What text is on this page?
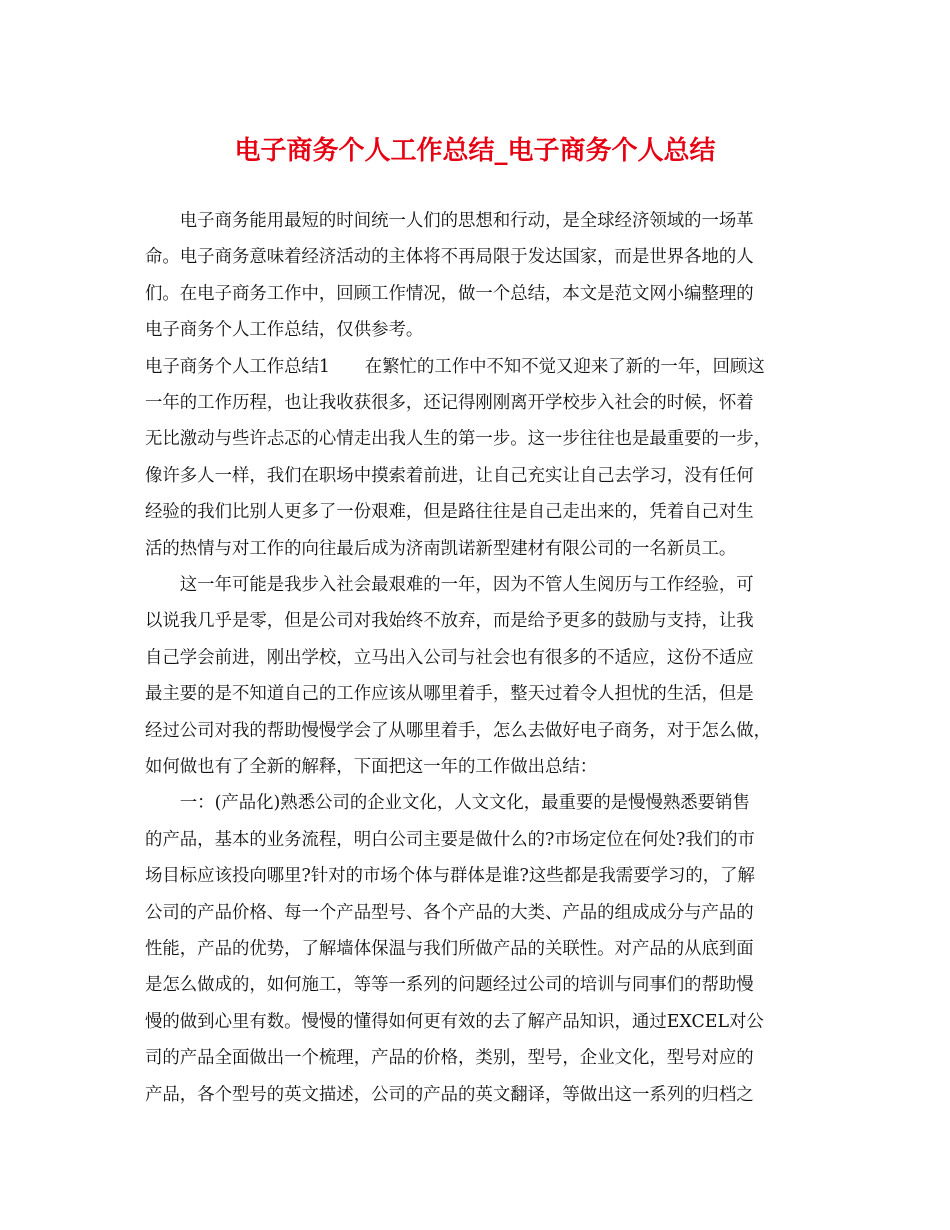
电子商务个人工作总结_电子商务个人总结
　　电子商务能用最短的时间统一人们的思想和行动，是全球经济领域的一场革
命。电子商务意味着经济活动的主体将不再局限于发达国家，而是世界各地的人
们。在电子商务工作中，回顾工作情况，做一个总结，本文是范文网小编整理的
电子商务个人工作总结，仅供参考。
电子商务个人工作总结1　　在繁忙的工作中不知不觉又迎来了新的一年，回顾这
一年的工作历程，也让我收获很多，还记得刚刚离开学校步入社会的时候，怀着
无比激动与些许忐忑的心情走出我人生的第一步。这一步往往也是最重要的一步，
像许多人一样，我们在职场中摸索着前进，让自己充实让自己去学习，没有任何
经验的我们比别人更多了一份艰难，但是路往往是自己走出来的，凭着自己对生
活的热情与对工作的向往最后成为济南凯诺新型建材有限公司的一名新员工。
　　这一年可能是我步入社会最艰难的一年，因为不管人生阅历与工作经验，可
以说我几乎是零，但是公司对我始终不放弃，而是给予更多的鼓励与支持，让我
自己学会前进，刚出学校，立马出入公司与社会也有很多的不适应，这份不适应
最主要的是不知道自己的工作应该从哪里着手，整天过着令人担忧的生活，但是
经过公司对我的帮助慢慢学会了从哪里着手，怎么去做好电子商务，对于怎么做，
如何做也有了全新的解释，下面把这一年的工作做出总结：
　　一：(产品化)熟悉公司的企业文化，人文文化，最重要的是慢慢熟悉要销售
的产品，基本的业务流程，明白公司主要是做什么的?市场定位在何处?我们的市
场目标应该投向哪里?针对的市场个体与群体是谁?这些都是我需要学习的，了解
公司的产品价格、每一个产品型号、各个产品的大类、产品的组成成分与产品的
性能，产品的优势，了解墙体保温与我们所做产品的关联性。对产品的从底到面
是怎么做成的，如何施工，等等一系列的问题经过公司的培训与同事们的帮助慢
慢的做到心里有数。慢慢的懂得如何更有效的去了解产品知识，通过EXCEL对公
司的产品全面做出一个梳理，产品的价格，类别，型号，企业文化，型号对应的
产品，各个型号的英文描述，公司的产品的英文翻译，等做出这一系列的归档之
